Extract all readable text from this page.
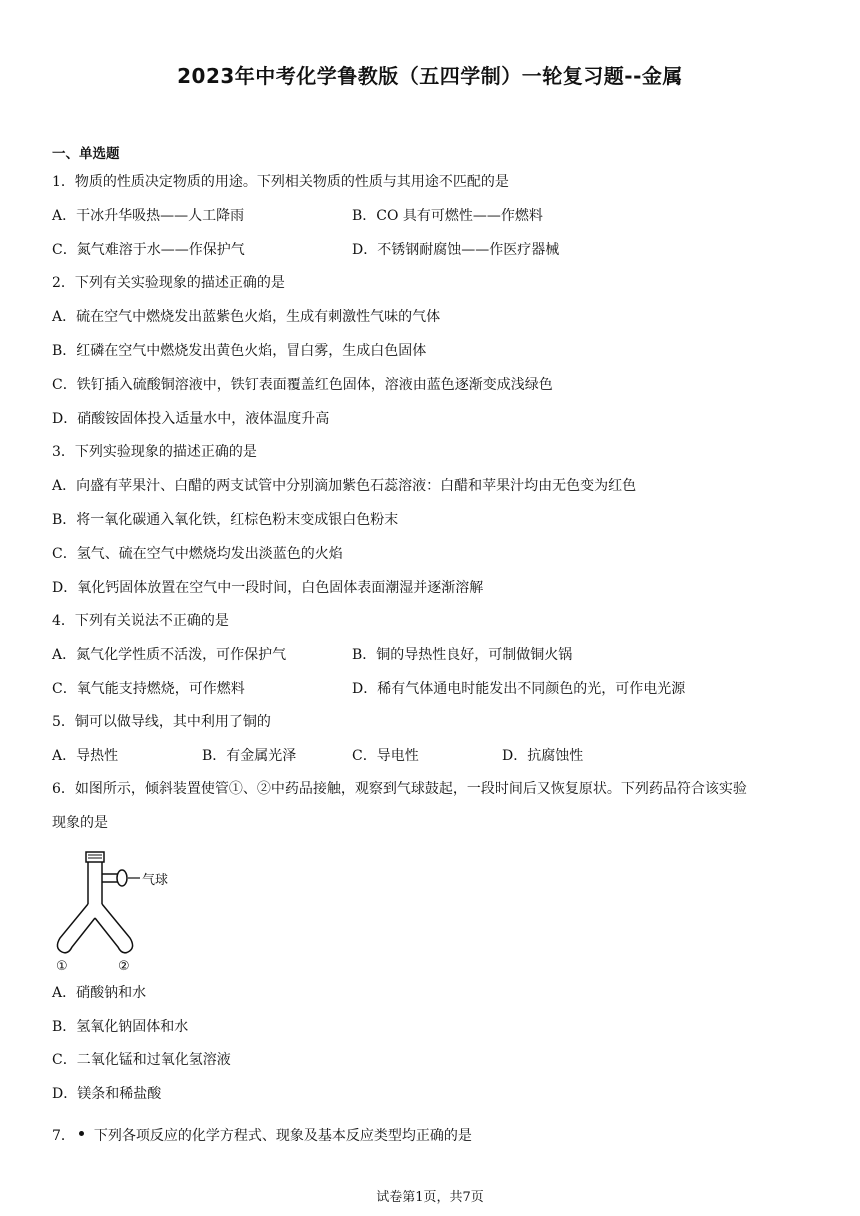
2023年中考化学鲁教版（五四学制）一轮复习题--金属
一、单选题
1．物质的性质决定物质的用途。下列相关物质的性质与其用途不匹配的是
A．干冰升华吸热——人工降雨	B．CO 具有可燃性——作燃料
C．氮气难溶于水——作保护气	D．不锈钢耐腐蚀——作医疗器械
2．下列有关实验现象的描述正确的是
A．硫在空气中燃烧发出蓝紫色火焰，生成有刺激性气味的气体
B．红磷在空气中燃烧发出黄色火焰，冒白雾，生成白色固体
C．铁钉插入硫酸铜溶液中，铁钉表面覆盖红色固体，溶液由蓝色逐渐变成浅绿色
D．硝酸铵固体投入适量水中，液体温度升高
3．下列实验现象的描述正确的是
A．向盛有苹果汁、白醋的两支试管中分别滴加紫色石蕊溶液：白醋和苹果汁均由无色变为红色
B．将一氧化碳通入氧化铁，红棕色粉末变成银白色粉末
C．氢气、硫在空气中燃烧均发出淡蓝色的火焰
D．氧化钙固体放置在空气中一段时间，白色固体表面潮湿并逐渐溶解
4．下列有关说法不正确的是
A．氮气化学性质不活泼，可作保护气	B．铜的导热性良好，可制做铜火锅
C．氧气能支持燃烧，可作燃料	D．稀有气体通电时能发出不同颜色的光，可作电光源
5．铜可以做导线，其中利用了铜的
A．导热性	B．有金属光泽	C．导电性	D．抗腐蚀性
6．如图所示，倾斜装置使管①、②中药品接触，观察到气球鼓起，一段时间后又恢复原状。下列药品符合该实验
现象的是
气球
①	②
A．硝酸钠和水
B．氢氧化钠固体和水
C．二氧化锰和过氧化氢溶液
D．镁条和稀盐酸
7． 下列各项反应的化学方程式、现象及基本反应类型均正确的是
试卷第1页，共7页
